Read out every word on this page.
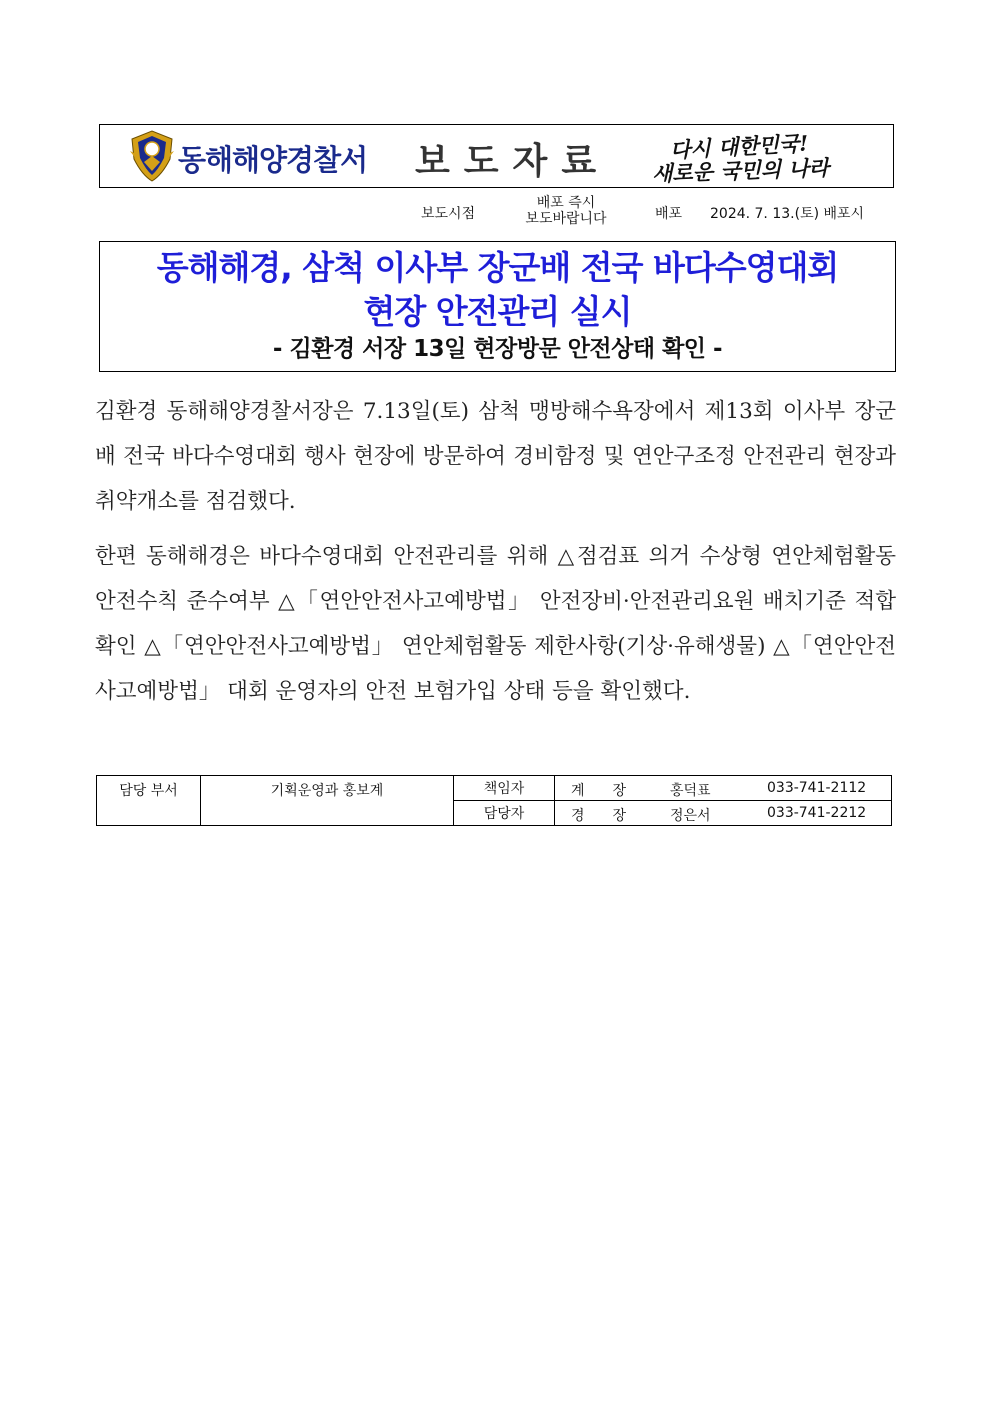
동해해양경찰서 보도자료	다시 대한민국!
새로운 국민의 나라
보도시점
배포 즉시
보도바랍니다	배포 2024. 7. 13.(토) 배포시
동해해경, 삼척 이사부 장군배 전국 바다수영대회
현장 안전관리 실시
- 김환경 서장 13일 현장방문 안전상태 확인 -

김환경 동해해양경찰서장은 7.13일(토) 삼척 맹방해수욕장에서 제13회 이사부 장군배 전국 바다수영대회 행사 현장에 방문하여 경비함정 및 연안구조정 안전관리 현장과 취약개소를 점검했다.

한편 동해해경은 바다수영대회 안전관리를 위해 △점검표 의거 수상형 연안체험활동 안전수칙 준수여부 △「연안안전사고예방법」 안전장비·안전관리요원 배치기준 적합 확인 △「연안안전사고예방법」 연안체험활동 제한사항(기상·유해생물) △「연안안전사고예방법」 대회 운영자의 안전 보험가입 상태 등을 확인했다.

담당 부서	기획운영과 홍보계	책임자	계장 홍덕표 033-741-2112

		담당자	경장 정은서 033-741-2212
